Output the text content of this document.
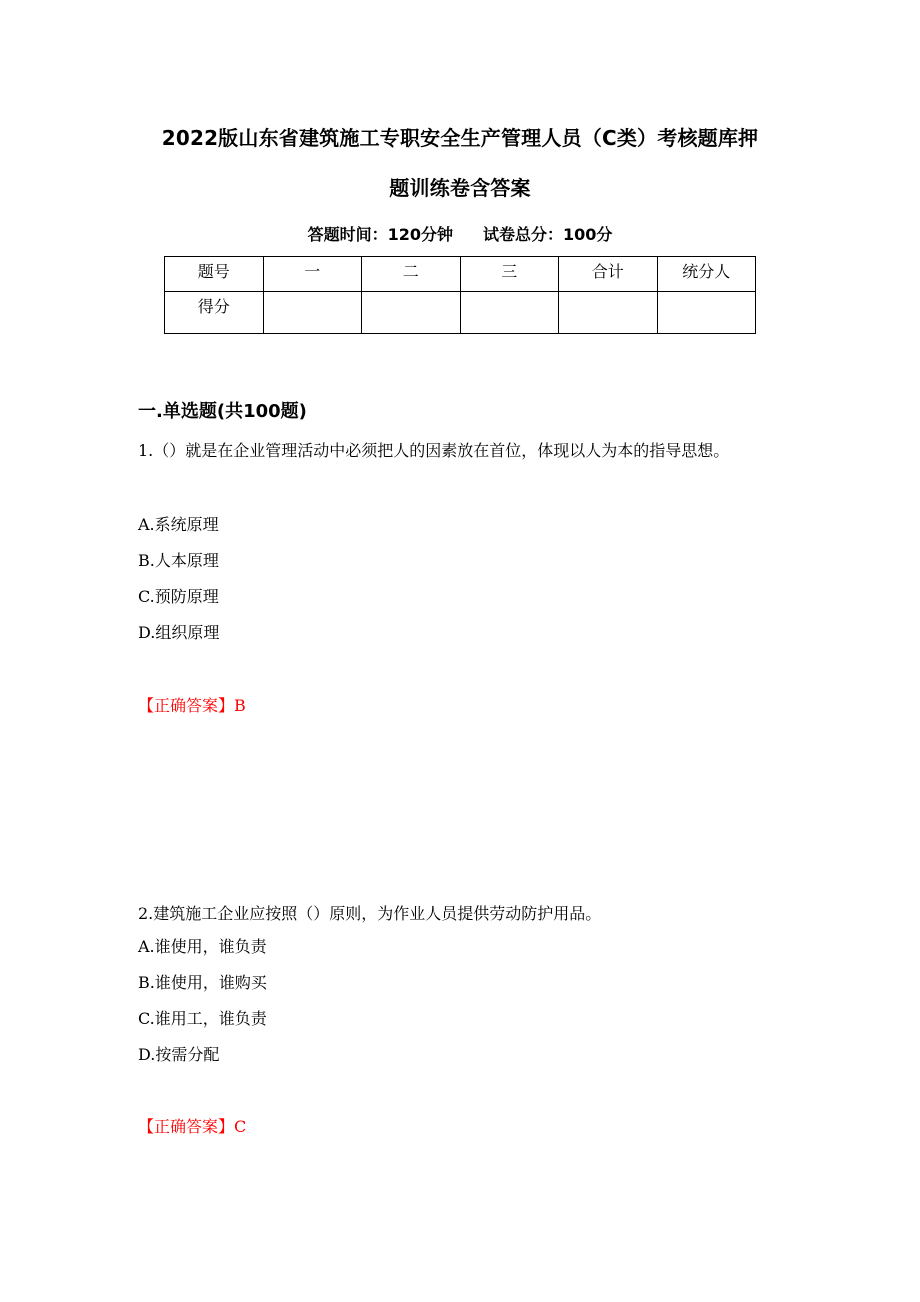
2022版山东省建筑施工专职安全生产管理人员（C类）考核题库押
题训练卷含答案
答题时间：120分钟 试卷总分：100分
题号	一	二	三	合计	统分人
得分					
一.单选题(共100题)
1.（）就是在企业管理活动中必须把人的因素放在首位，体现以人为本的指导思想。
A.系统原理
B.人本原理
C.预防原理
D.组织原理
【正确答案】B
2.建筑施工企业应按照（）原则，为作业人员提供劳动防护用品。
A.谁使用，谁负责
B.谁使用，谁购买
C.谁用工，谁负责
D.按需分配
【正确答案】C
